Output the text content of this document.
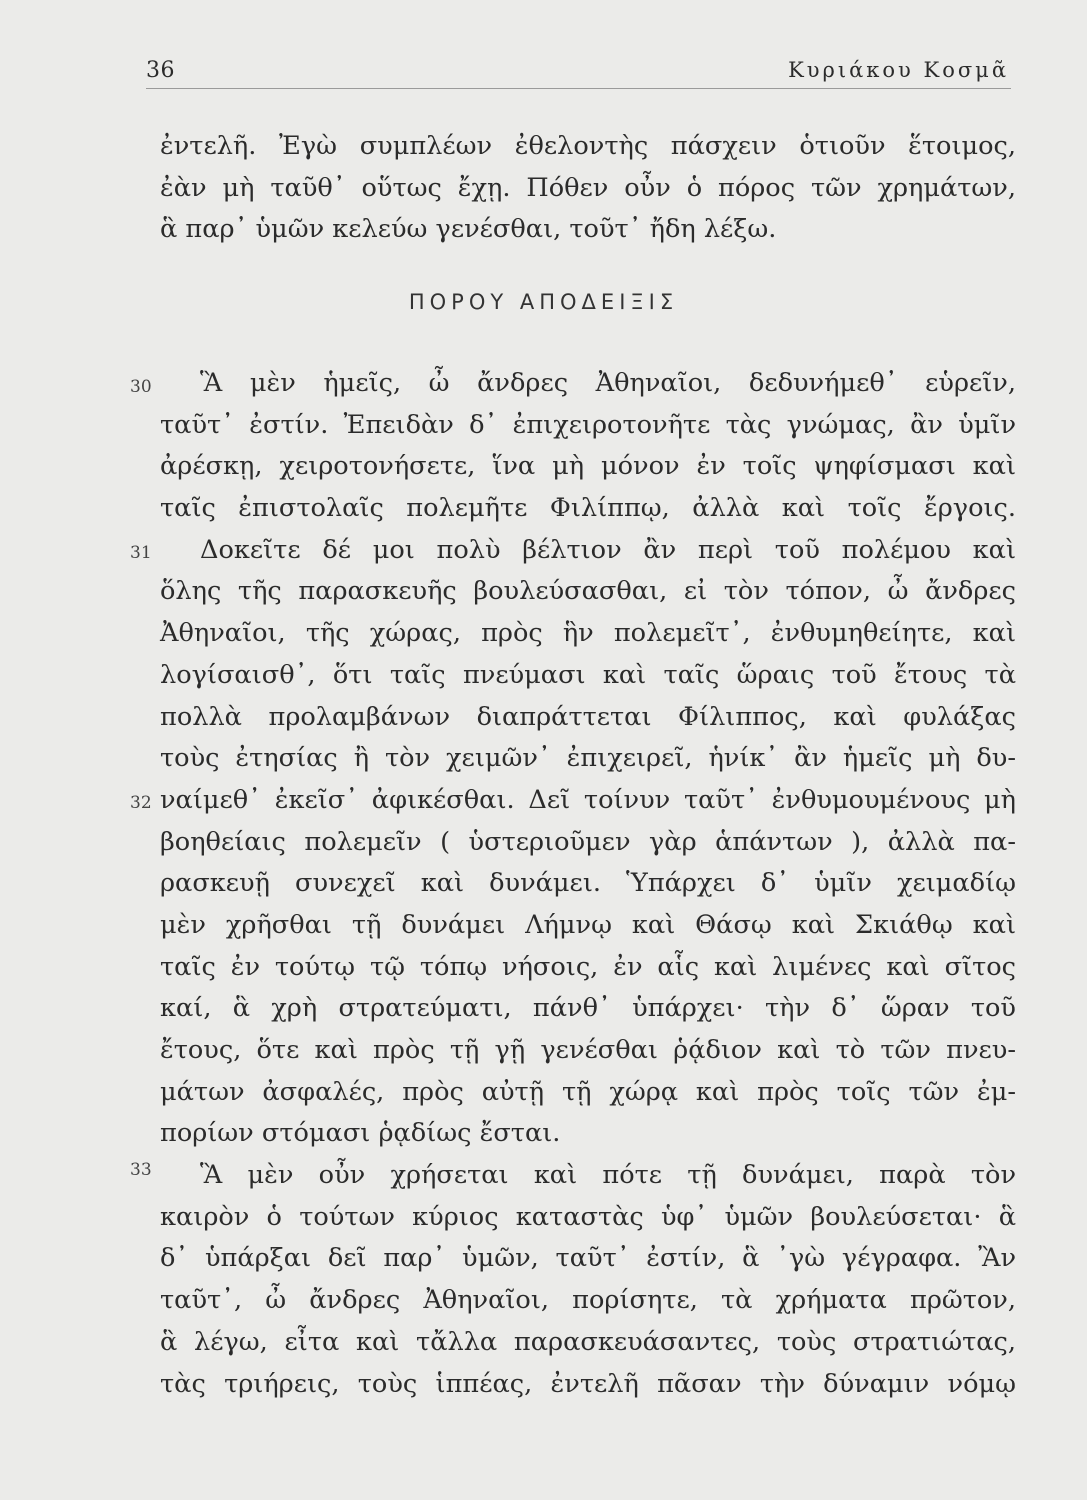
36	Κυριάκου Κοσμᾶ
ἐντελῆ. Ἐγὼ συμπλέων ἐθελοντὴς πάσχειν ὁτιοῦν ἕτοιμος,
ἐὰν μὴ ταῦθ᾽ οὕτως ἔχῃ. Πόθεν οὖν ὁ πόρος τῶν χρημάτων,
ἃ παρ᾽ ὑμῶν κελεύω γενέσθαι, τοῦτ᾽ ἤδη λέξω.
ΠΟΡΟΥ ΑΠΟΔΕΙΞΙΣ
30
31
32
33
Ἃ μὲν ἡμεῖς, ὦ ἄνδρες Ἀθηναῖοι, δεδυνήμεθ᾽ εὑρεῖν,
ταῦτ᾽ ἐστίν. Ἐπειδὰν δ᾽ ἐπιχειροτονῆτε τὰς γνώμας, ἂν ὑμῖν
ἀρέσκῃ, χειροτονήσετε, ἵνα μὴ μόνον ἐν τοῖς ψηφίσμασι καὶ
ταῖς ἐπιστολαῖς πολεμῆτε Φιλίππῳ, ἀλλὰ καὶ τοῖς ἔργοις.
Δοκεῖτε δέ μοι πολὺ βέλτιον ἂν περὶ τοῦ πολέμου καὶ
ὅλης τῆς παρασκευῆς βουλεύσασθαι, εἰ τὸν τόπον, ὦ ἄνδρες
Ἀθηναῖοι, τῆς χώρας, πρὸς ἣν πολεμεῖτ᾽, ἐνθυμηθείητε, καὶ
λογίσαισθ᾽, ὅτι ταῖς πνεύμασι καὶ ταῖς ὥραις τοῦ ἔτους τὰ
πολλὰ προλαμβάνων διαπράττεται Φίλιππος, καὶ φυλάξας
τοὺς ἐτησίας ἢ τὸν χειμῶν᾽ ἐπιχειρεῖ, ἡνίκ᾽ ἂν ἡμεῖς μὴ δυ-
ναίμεθ᾽ ἐκεῖσ᾽ ἀφικέσθαι. Δεῖ τοίνυν ταῦτ᾽ ἐνθυμουμένους μὴ
βοηθείαις πολεμεῖν ( ὑστεριοῦμεν γὰρ ἁπάντων ), ἀλλὰ πα-
ρασκευῇ συνεχεῖ καὶ δυνάμει. Ὑπάρχει δ᾽ ὑμῖν χειμαδίῳ
μὲν χρῆσθαι τῇ δυνάμει Λήμνῳ καὶ Θάσῳ καὶ Σκιάθῳ καὶ
ταῖς ἐν τούτῳ τῷ τόπῳ νήσοις, ἐν αἷς καὶ λιμένες καὶ σῖτος
καί, ἃ χρὴ στρατεύματι, πάνθ᾽ ὑπάρχει· τὴν δ᾽ ὥραν τοῦ
ἔτους, ὅτε καὶ πρὸς τῇ γῇ γενέσθαι ῥᾴδιον καὶ τὸ τῶν πνευ-
μάτων ἀσφαλές, πρὸς αὐτῇ τῇ χώρᾳ καὶ πρὸς τοῖς τῶν ἐμ-
πορίων στόμασι ῥᾳδίως ἔσται.
Ἃ μὲν οὖν χρήσεται καὶ πότε τῇ δυνάμει, παρὰ τὸν
καιρὸν ὁ τούτων κύριος καταστὰς ὑφ᾽ ὑμῶν βουλεύσεται· ἃ
δ᾽ ὑπάρξαι δεῖ παρ᾽ ὑμῶν, ταῦτ᾽ ἐστίν, ἃ ᾽γὼ γέγραφα. Ἂν
ταῦτ᾽, ὦ ἄνδρες Ἀθηναῖοι, πορίσητε, τὰ χρήματα πρῶτον,
ἃ λέγω, εἶτα καὶ τἄλλα παρασκευάσαντες, τοὺς στρατιώτας,
τὰς τριήρεις, τοὺς ἱππέας, ἐντελῆ πᾶσαν τὴν δύναμιν νόμῳ
